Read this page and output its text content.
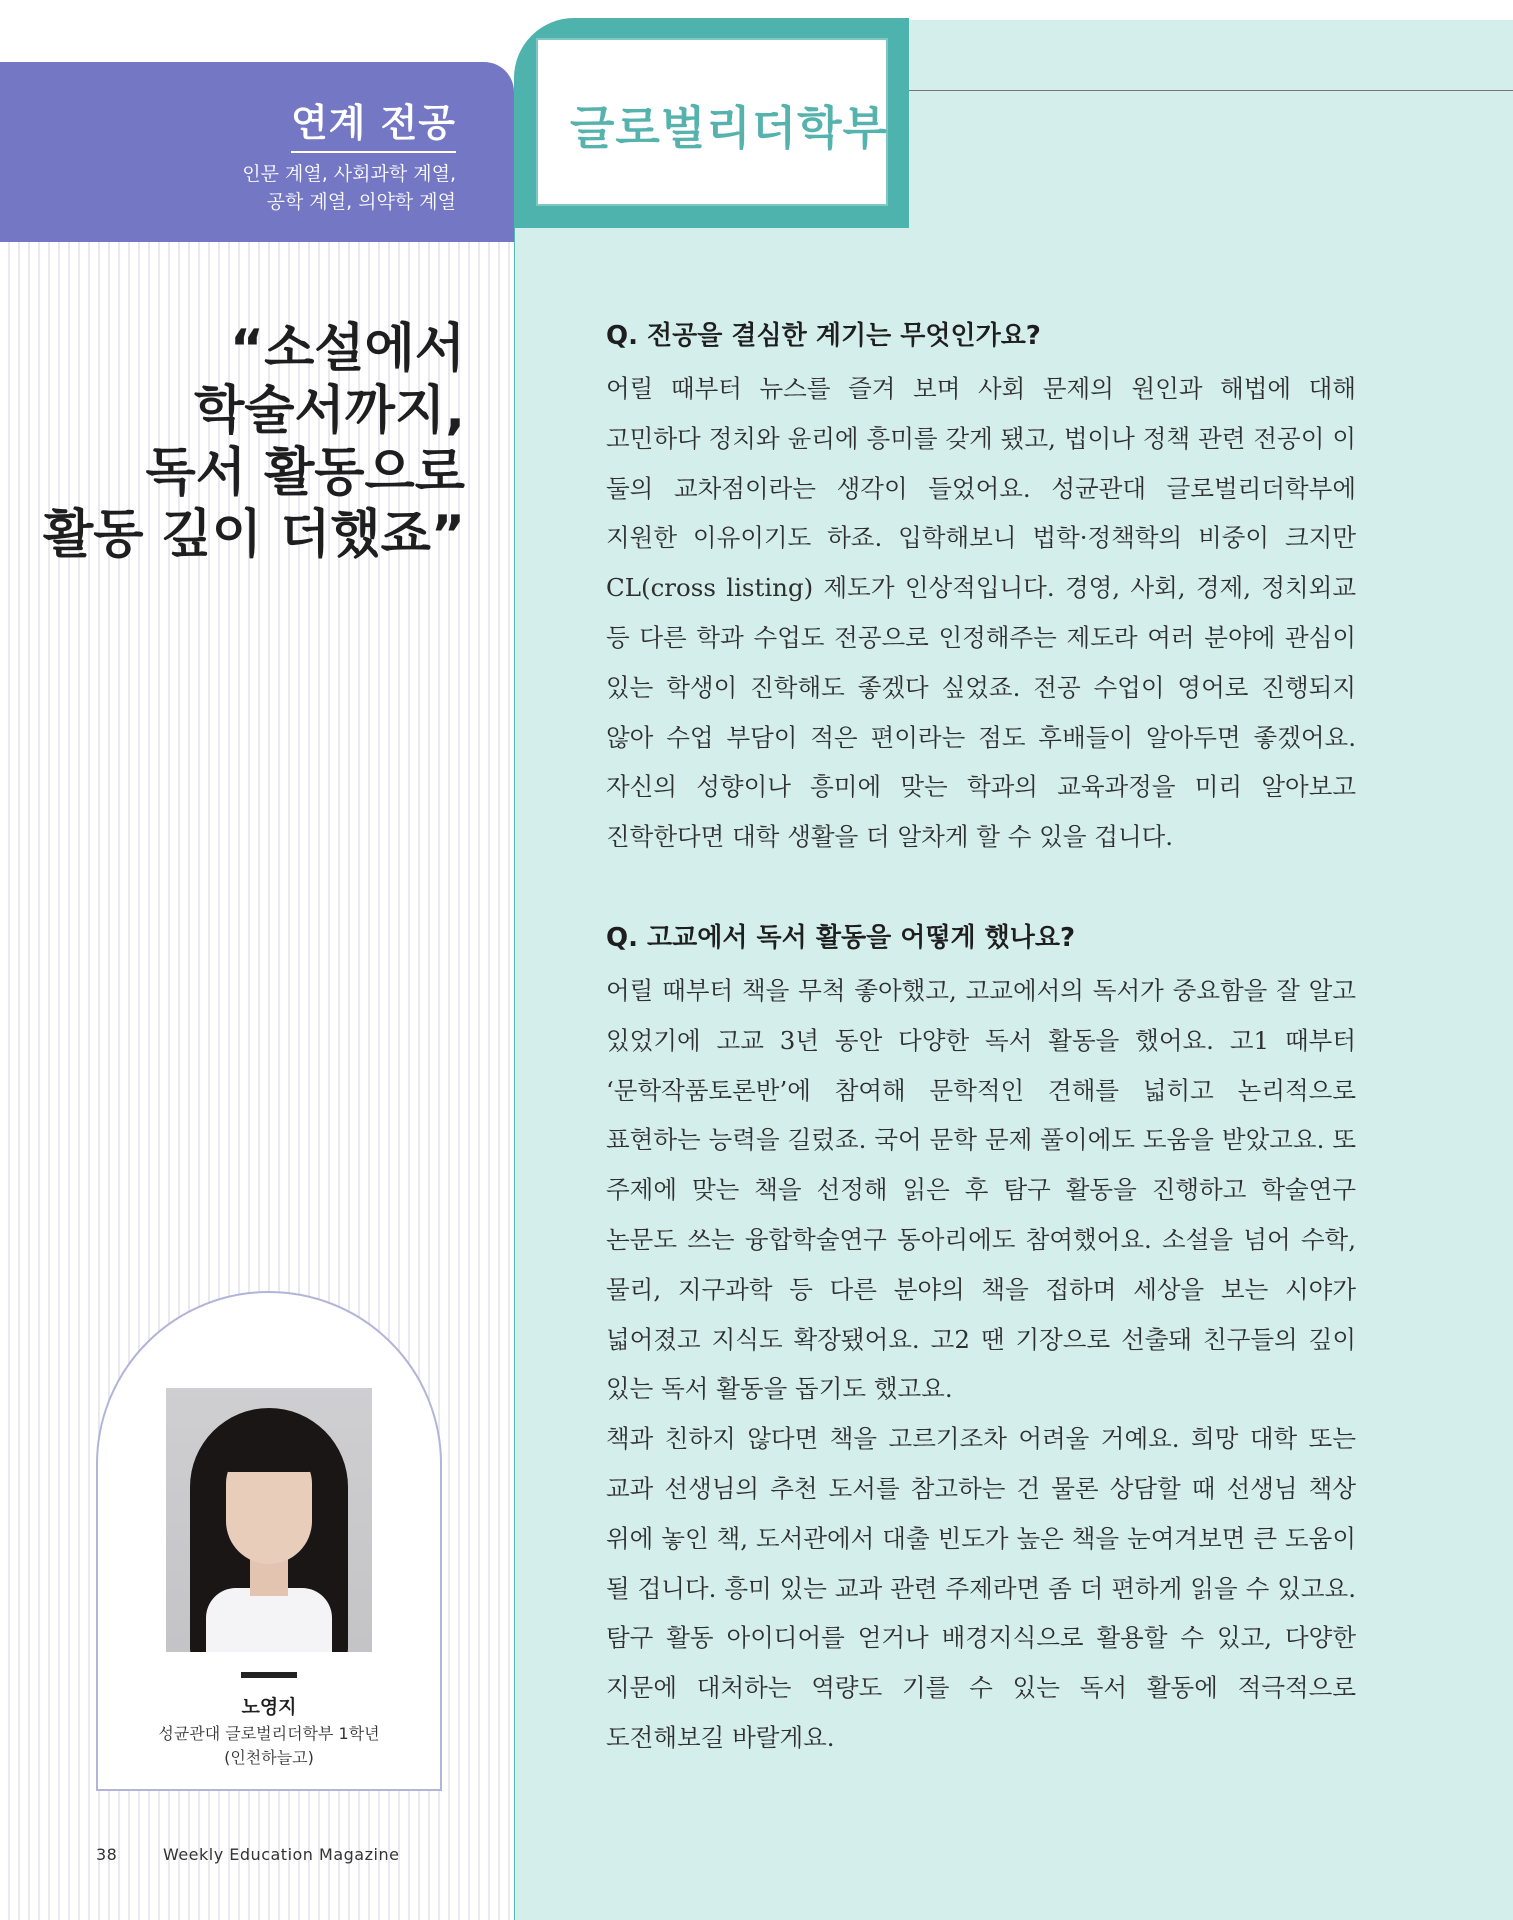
연계 전공
인문 계열, 사회과학 계열,
공학 계열, 의약학 계열
글로벌리더학부
“소설에서
학술서까지,
독서 활동으로
활동 깊이 더했죠”
Q. 전공을 결심한 계기는 무엇인가요?

어릴 때부터 뉴스를 즐겨 보며 사회 문제의 원인과 해법에 대해 고민하다 정치와 윤리에 흥미를 갖게 됐고, 법이나 정책 관련 전공이 이 둘의 교차점이라는 생각이 들었어요. 성균관대 글로벌리더학부에 지원한 이유이기도 하죠. 입학해보니 법학·정책학의 비중이 크지만 CL(cross listing) 제도가 인상적입니다. 경영, 사회, 경제, 정치외교 등 다른 학과 수업도 전공으로 인정해주는 제도라 여러 분야에 관심이 있는 학생이 진학해도 좋겠다 싶었죠. 전공 수업이 영어로 진행되지 않아 수업 부담이 적은 편이라는 점도 후배들이 알아두면 좋겠어요. 자신의 성향이나 흥미에 맞는 학과의 교육과정을 미리 알아보고 진학한다면 대학 생활을 더 알차게 할 수 있을 겁니다.

Q. 고교에서 독서 활동을 어떻게 했나요?

어릴 때부터 책을 무척 좋아했고, 고교에서의 독서가 중요함을 잘 알고 있었기에 고교 3년 동안 다양한 독서 활동을 했어요. 고1 때부터 ‘문학작품토론반’에 참여해 문학적인 견해를 넓히고 논리적으로 표현하는 능력을 길렀죠. 국어 문학 문제 풀이에도 도움을 받았고요. 또 주제에 맞는 책을 선정해 읽은 후 탐구 활동을 진행하고 학술연구 논문도 쓰는 융합학술연구 동아리에도 참여했어요. 소설을 넘어 수학, 물리, 지구과학 등 다른 분야의 책을 접하며 세상을 보는 시야가 넓어졌고 지식도 확장됐어요. 고2 땐 기장으로 선출돼 친구들의 깊이 있는 독서 활동을 돕기도 했고요.

책과 친하지 않다면 책을 고르기조차 어려울 거예요. 희망 대학 또는 교과 선생님의 추천 도서를 참고하는 건 물론 상담할 때 선생님 책상 위에 놓인 책, 도서관에서 대출 빈도가 높은 책을 눈여겨보면 큰 도움이 될 겁니다. 흥미 있는 교과 관련 주제라면 좀 더 편하게 읽을 수 있고요. 탐구 활동 아이디어를 얻거나 배경지식으로 활용할 수 있고, 다양한 지문에 대처하는 역량도 기를 수 있는 독서 활동에 적극적으로 도전해보길 바랄게요.

노영지
성균관대 글로벌리더학부 1학년
(인천하늘고)
38	Weekly Education Magazine
